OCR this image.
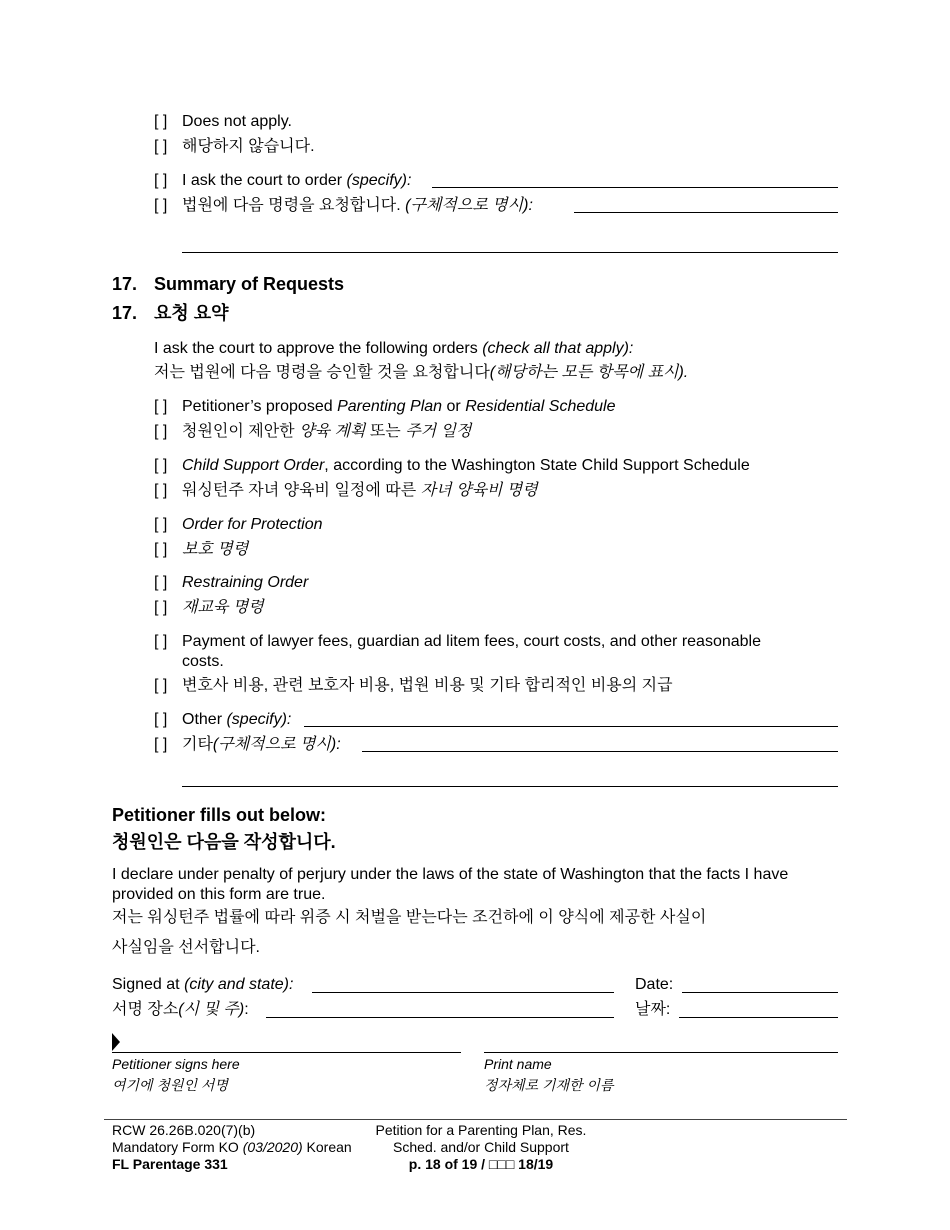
[ ] Does not apply.
[ ] 해당하지 않습니다.
[ ] I ask the court to order (specify):
[ ] 법원에 다음 명령을 요청합니다. (구체적으로 명시):
17. Summary of Requests
17. 요청 요약
I ask the court to approve the following orders (check all that apply):
저는 법원에 다음 명령을 승인할 것을 요청합니다(해당하는 모든 항목에 표시).
[ ] Petitioner’s proposed Parenting Plan or Residential Schedule
[ ] 청원인이 제안한 양육 계획 또는 주거 일정
[ ] Child Support Order, according to the Washington State Child Support Schedule
[ ] 워싱턴주 자녀 양육비 일정에 따른 자녀 양육비 명령
[ ] Order for Protection
[ ] 보호 명령
[ ] Restraining Order
[ ] 재교육 명령
[ ] Payment of lawyer fees, guardian ad litem fees, court costs, and other reasonable
costs.
[ ] 변호사 비용, 관련 보호자 비용, 법원 비용 및 기타 합리적인 비용의 지급
[ ] Other (specify):
[ ] 기타(구체적으로 명시):
Petitioner fills out below:
청원인은 다음을 작성합니다.
I declare under penalty of perjury under the laws of the state of Washington that the facts I have
provided on this form are true.
저는 워싱턴주 법률에 따라 위증 시 처벌을 받는다는 조건하에 이 양식에 제공한 사실이
사실임을 선서합니다.
Signed at (city and state):	Date:
서명 장소(시 및 주):	날짜:
Petitioner signs here
여기에 청원인 서명
Print name
정자체로 기재한 이름
RCW 26.26B.020(7)(b)
Mandatory Form KO (03/2020) Korean
FL Parentage 331
Petition for a Parenting Plan, Res.
Sched. and/or Child Support
p. 18 of 19 / □□□ 18/19
